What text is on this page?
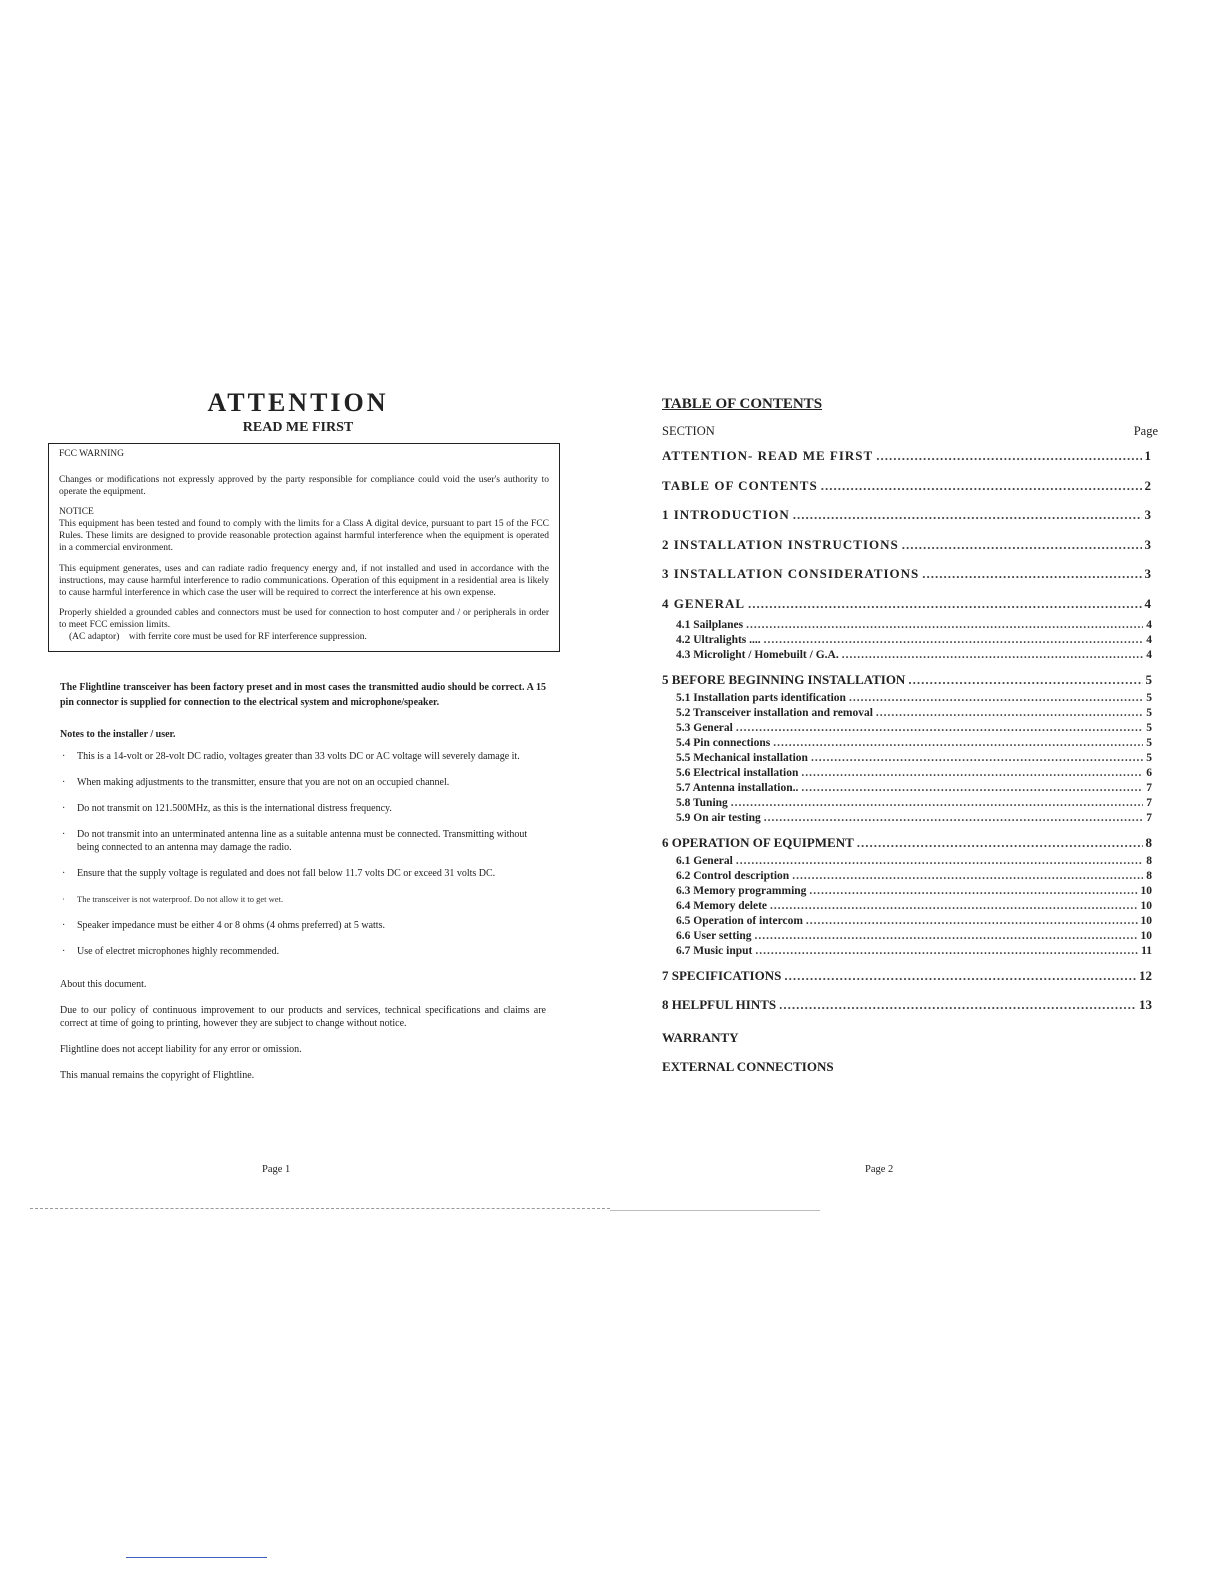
ATTENTION
READ ME FIRST

FCC WARNING

Changes or modifications not expressly approved by the party responsible for compliance could void the user's authority to operate the equipment.

NOTICE
This equipment has been tested and found to comply with the limits for a Class A digital device, pursuant to part 15 of the FCC Rules. These limits are designed to provide reasonable protection against harmful interference when the equipment is operated in a commercial environment.

This equipment generates, uses and can radiate radio frequency energy and, if not installed and used in accordance with the instructions, may cause harmful interference to radio communications. Operation of this equipment in a residential area is likely to cause harmful interference in which case the user will be required to correct the interference at his own expense.

Properly shielded a grounded cables and connectors must be used for connection to host computer and / or peripherals in order to meet FCC emission limits.
(AC adaptor)    with ferrite core must be used for RF interference suppression.

The Flightline transceiver has been factory preset and in most cases the transmitted audio should be correct. A 15 pin connector is supplied for connection to the electrical system and microphone/speaker.
Notes to the installer / user.
· This is a 14-volt or 28-volt DC radio, voltages greater than 33 volts DC or AC voltage will severely damage it.
· When making adjustments to the transmitter, ensure that you are not on an occupied channel.
· Do not transmit on 121.500MHz, as this is the international distress frequency.
· Do not transmit into an unterminated antenna line as a suitable antenna must be connected. Transmitting without being connected to an antenna may damage the radio.
· Ensure that the supply voltage is regulated and does not fall below 11.7 volts DC or exceed 31 volts DC.
· The transceiver is not waterproof. Do not allow it to get wet.
· Speaker impedance must be either 4 or 8 ohms (4 ohms preferred) at 5 watts.
· Use of electret microphones highly recommended.
About this document.
Due to our policy of continuous improvement to our products and services, technical specifications and claims are correct at time of going to printing, however they are subject to change without notice.
Flightline does not accept liability for any error or omission.
This manual remains the copyright of Flightline.
Page 1
TABLE OF CONTENTS
SECTION	Page
ATTENTION- READ ME FIRST .....	1
TABLE OF CONTENTS .....	2
1 INTRODUCTION .....	3
2 INSTALLATION INSTRUCTIONS .....	3
3 INSTALLATION CONSIDERATIONS .....	3
4 GENERAL .....	4
4.1 Sailplanes .....	4
4.2 Ultralights .... .....	4
4.3 Microlight / Homebuilt / G.A. .....	4
5 BEFORE BEGINNING INSTALLATION .....	5
5.1 Installation parts identification .....	5
5.2 Transceiver installation and removal .....	5
5.3 General .....	5
5.4 Pin connections .....	5
5.5 Mechanical installation .....	5
5.6 Electrical installation .....	6
5.7 Antenna installation.. .....	7
5.8 Tuning .....	7
5.9 On air testing .....	7
6 OPERATION OF EQUIPMENT .....	8
6.1 General .....	8
6.2 Control description .....	8
6.3 Memory programming .....	10
6.4 Memory delete .....	10
6.5 Operation of intercom .....	10
6.6 User setting .....	10
6.7 Music input .....	11
7 SPECIFICATIONS .....	12
8 HELPFUL HINTS .....	13
WARRANTY
EXTERNAL CONNECTIONS
Page 2
